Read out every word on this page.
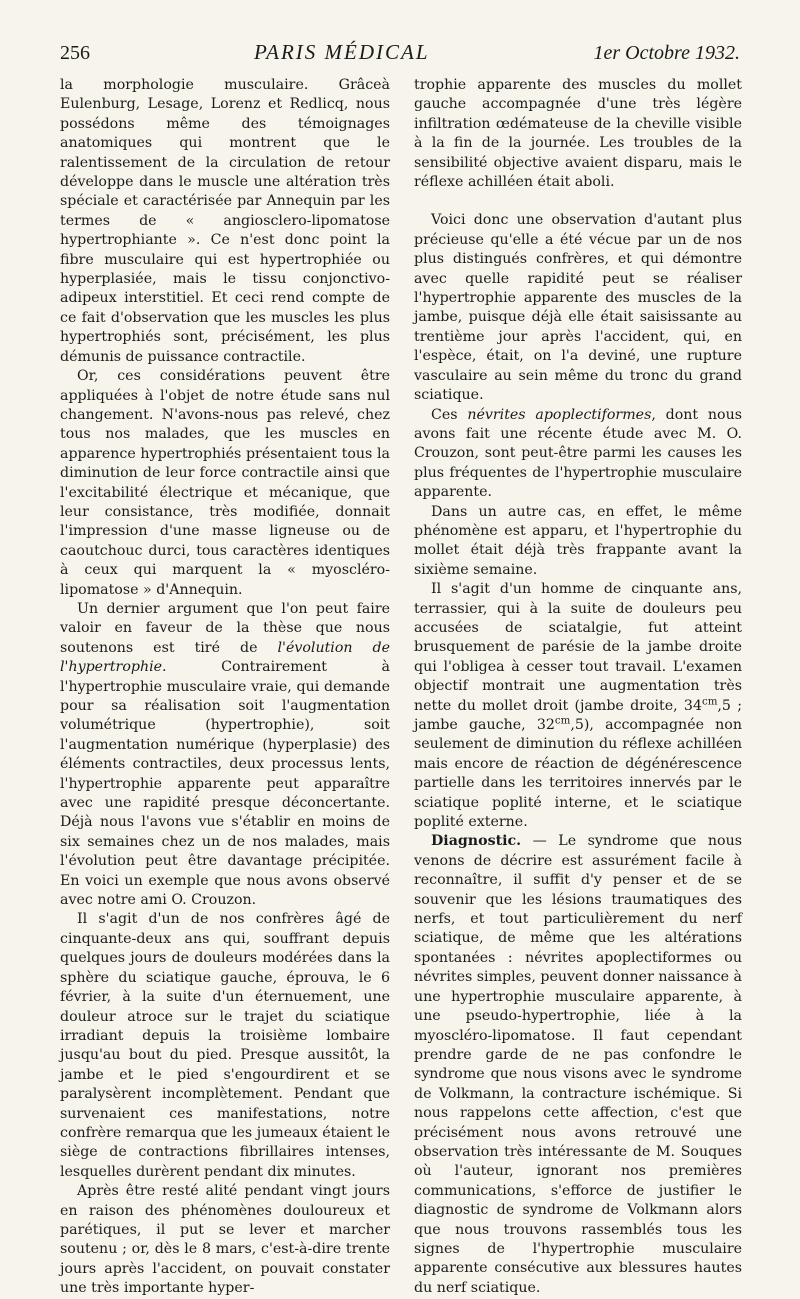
256	PARIS MÉDICAL	1er Octobre 1932.

la morphologie musculaire. Grâceà Eulenburg, Lesage, Lorenz et Redlicq, nous possédons même des témoignages anatomiques qui montrent que le ralentissement de la circulation de retour développe dans le muscle une altération très spéciale et caractérisée par Annequin par les termes de « angiosclero-lipomatose hypertrophiante ». Ce n'est donc point la fibre musculaire qui est hypertrophiée ou hyperplasiée, mais le tissu conjonctivo-adipeux interstitiel. Et ceci rend compte de ce fait d'observation que les muscles les plus hypertrophiés sont, précisément, les plus démunis de puissance contractile.

Or, ces considérations peuvent être appliquées à l'objet de notre étude sans nul changement. N'avons-nous pas relevé, chez tous nos malades, que les muscles en apparence hypertrophiés présentaient tous la diminution de leur force contractile ainsi que l'excitabilité électrique et mécanique, que leur consistance, très modifiée, donnait l'impression d'une masse ligneuse ou de caoutchouc durci, tous caractères identiques à ceux qui marquent la « myoscléro-lipomatose » d'Annequin.

Un dernier argument que l'on peut faire valoir en faveur de la thèse que nous soutenons est tiré de l'évolution de l'hypertrophie. Contrairement à l'hypertrophie musculaire vraie, qui demande pour sa réalisation soit l'augmentation volumétrique (hypertrophie), soit l'augmentation numérique (hyperplasie) des éléments contractiles, deux processus lents, l'hypertrophie apparente peut apparaître avec une rapidité presque déconcertante. Déjà nous l'avons vue s'établir en moins de six semaines chez un de nos malades, mais l'évolution peut être davantage précipitée. En voici un exemple que nous avons observé avec notre ami O. Crouzon.

Il s'agit d'un de nos confrères âgé de cinquante-deux ans qui, souffrant depuis quelques jours de douleurs modérées dans la sphère du sciatique gauche, éprouva, le 6 février, à la suite d'un éternuement, une douleur atroce sur le trajet du sciatique irradiant depuis la troisième lombaire jusqu'au bout du pied. Presque aussitôt, la jambe et le pied s'engourdirent et se paralysèrent incomplètement. Pendant que survenaient ces manifestations, notre confrère remarqua que les jumeaux étaient le siège de contractions fibrillaires intenses, lesquelles durèrent pendant dix minutes.

Après être resté alité pendant vingt jours en raison des phénomènes douloureux et parétiques, il put se lever et marcher soutenu ; or, dès le 8 mars, c'est-à-dire trente jours après l'accident, on pouvait constater une très importante hyper-

trophie apparente des muscles du mollet gauche accompagnée d'une très légère infiltration œdémateuse de la cheville visible à la fin de la journée. Les troubles de la sensibilité objective avaient disparu, mais le réflexe achilléen était aboli.

Voici donc une observation d'autant plus précieuse qu'elle a été vécue par un de nos plus distingués confrères, et qui démontre avec quelle rapidité peut se réaliser l'hypertrophie apparente des muscles de la jambe, puisque déjà elle était saisissante au trentième jour après l'accident, qui, en l'espèce, était, on l'a deviné, une rupture vasculaire au sein même du tronc du grand sciatique.

Ces névrites apoplectiformes, dont nous avons fait une récente étude avec M. O. Crouzon, sont peut-être parmi les causes les plus fréquentes de l'hypertrophie musculaire apparente.

Dans un autre cas, en effet, le même phénomène est apparu, et l'hypertrophie du mollet était déjà très frappante avant la sixième semaine.

Il s'agit d'un homme de cinquante ans, terrassier, qui à la suite de douleurs peu accusées de sciatalgie, fut atteint brusquement de parésie de la jambe droite qui l'obligea à cesser tout travail. L'examen objectif montrait une augmentation très nette du mollet droit (jambe droite, $34^{cm},5$ ; jambe gauche, $32^{cm},5$), accompagnée non seulement de diminution du réflexe achilléen mais encore de réaction de dégénérescence partielle dans les territoires innervés par le sciatique poplité interne, et le sciatique poplité externe.

Diagnostic. — Le syndrome que nous venons de décrire est assurément facile à reconnaître, il suffit d'y penser et de se souvenir que les lésions traumatiques des nerfs, et tout particulièrement du nerf sciatique, de même que les altérations spontanées : névrites apoplectiformes ou névrites simples, peuvent donner naissance à une hypertrophie musculaire apparente, à une pseudo-hypertrophie, liée à la myoscléro-lipomatose. Il faut cependant prendre garde de ne pas confondre le syndrome que nous visons avec le syndrome de Volkmann, la contracture ischémique. Si nous rappelons cette affection, c'est que précisément nous avons retrouvé une observation très intéressante de M. Souques où l'auteur, ignorant nos premières communications, s'efforce de justifier le diagnostic de syndrome de Volkmann alors que nous trouvons rassemblés tous les signes de l'hypertrophie musculaire apparente consécutive aux blessures hautes du nerf sciatique.
